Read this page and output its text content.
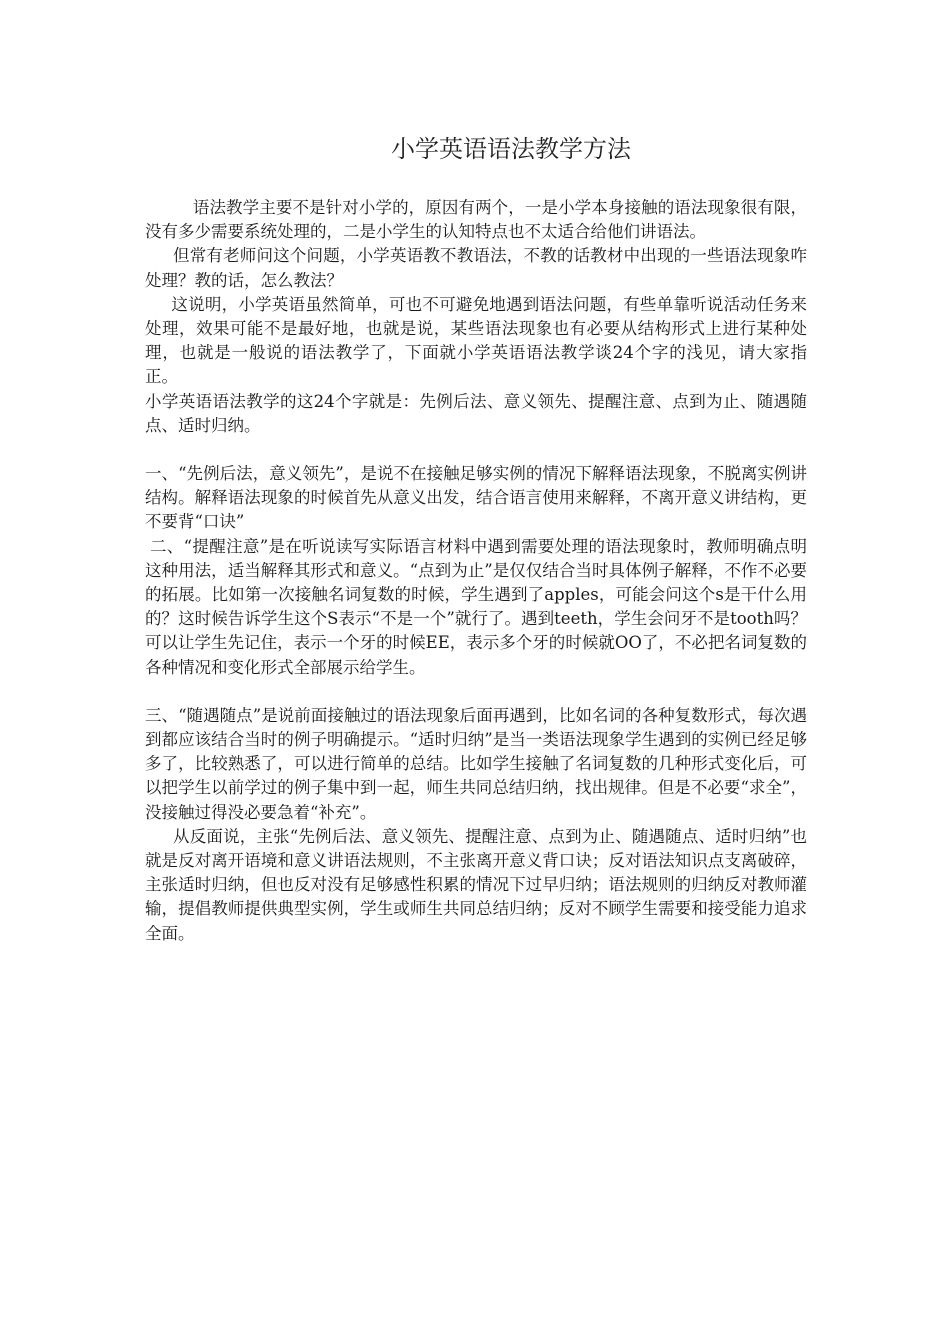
小学英语语法教学方法

语法教学主要不是针对小学的，原因有两个，一是小学本身接触的语法现象很有限，没有多少需要系统处理的，二是小学生的认知特点也不太适合给他们讲语法。

但常有老师问这个问题，小学英语教不教语法，不教的话教材中出现的一些语法现象咋处理？教的话，怎么教法？

这说明，小学英语虽然简单，可也不可避免地遇到语法问题，有些单靠听说活动任务来处理，效果可能不是最好地，也就是说，某些语法现象也有必要从结构形式上进行某种处理，也就是一般说的语法教学了，下面就小学英语语法教学谈24个字的浅见，请大家指正。

小学英语语法教学的这24个字就是：先例后法、意义领先、提醒注意、点到为止、随遇随点、适时归纳。

一、“先例后法，意义领先”，是说不在接触足够实例的情况下解释语法现象，不脱离实例讲结构。解释语法现象的时候首先从意义出发，结合语言使用来解释，不离开意义讲结构，更不要背“口诀”

二、“提醒注意”是在听说读写实际语言材料中遇到需要处理的语法现象时，教师明确点明这种用法，适当解释其形式和意义。“点到为止”是仅仅结合当时具体例子解释，不作不必要的拓展。比如第一次接触名词复数的时候，学生遇到了apples，可能会问这个s是干什么用的？这时候告诉学生这个S表示“不是一个”就行了。遇到teeth，学生会问牙不是tooth吗？可以让学生先记住，表示一个牙的时候EE，表示多个牙的时候就OO了，不必把名词复数的各种情况和变化形式全部展示给学生。

三、“随遇随点”是说前面接触过的语法现象后面再遇到，比如名词的各种复数形式，每次遇到都应该结合当时的例子明确提示。“适时归纳”是当一类语法现象学生遇到的实例已经足够多了，比较熟悉了，可以进行简单的总结。比如学生接触了名词复数的几种形式变化后，可以把学生以前学过的例子集中到一起，师生共同总结归纳，找出规律。但是不必要“求全”，没接触过得没必要急着“补充”。

从反面说，主张“先例后法、意义领先、提醒注意、点到为止、随遇随点、适时归纳”也就是反对离开语境和意义讲语法规则，不主张离开意义背口诀；反对语法知识点支离破碎，主张适时归纳，但也反对没有足够感性积累的情况下过早归纳；语法规则的归纳反对教师灌输，提倡教师提供典型实例，学生或师生共同总结归纳；反对不顾学生需要和接受能力追求全面。
